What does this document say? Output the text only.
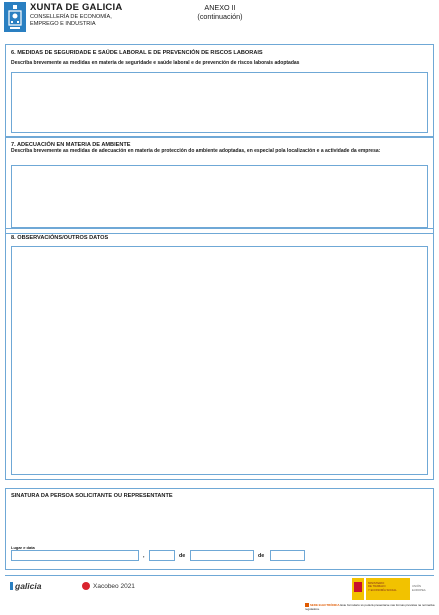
XUNTA DE GALICIA
CONSELLERÍA DE ECONOMÍA,
EMPREGO E INDUSTRIA
ANEXO II
(continuación)
6. MEDIDAS DE SEGURIDADE E SAÚDE LABORAL E DE PREVENCIÓN DE RISCOS LABORAIS
Describa brevemente as medidas en materia de seguridade e saúde laboral e de prevención de riscos laborais adoptadas
7. ADECUACIÓN EN MATERIA DE AMBIENTE
Describa brevemente as medidas de adecuación en materia de protección do ambiente adoptadas, en especial pola localización e a actividade da empresa:
8. OBSERVACIÓNS/OUTROS DATOS
SINATURA DA PERSOA SOLICITANTE OU REPRESENTANTE
Lugar e data
,	de	de
galicia	Xacobeo 2021	MINISTERIO
DE TRABAJO
Y ECONOMÍA SOCIAL
UNIÓN EUROPEA
SEDE ELECTRÓNICA Este formulario só poderá presentarse nas formas previstas na normativa reguladora.
